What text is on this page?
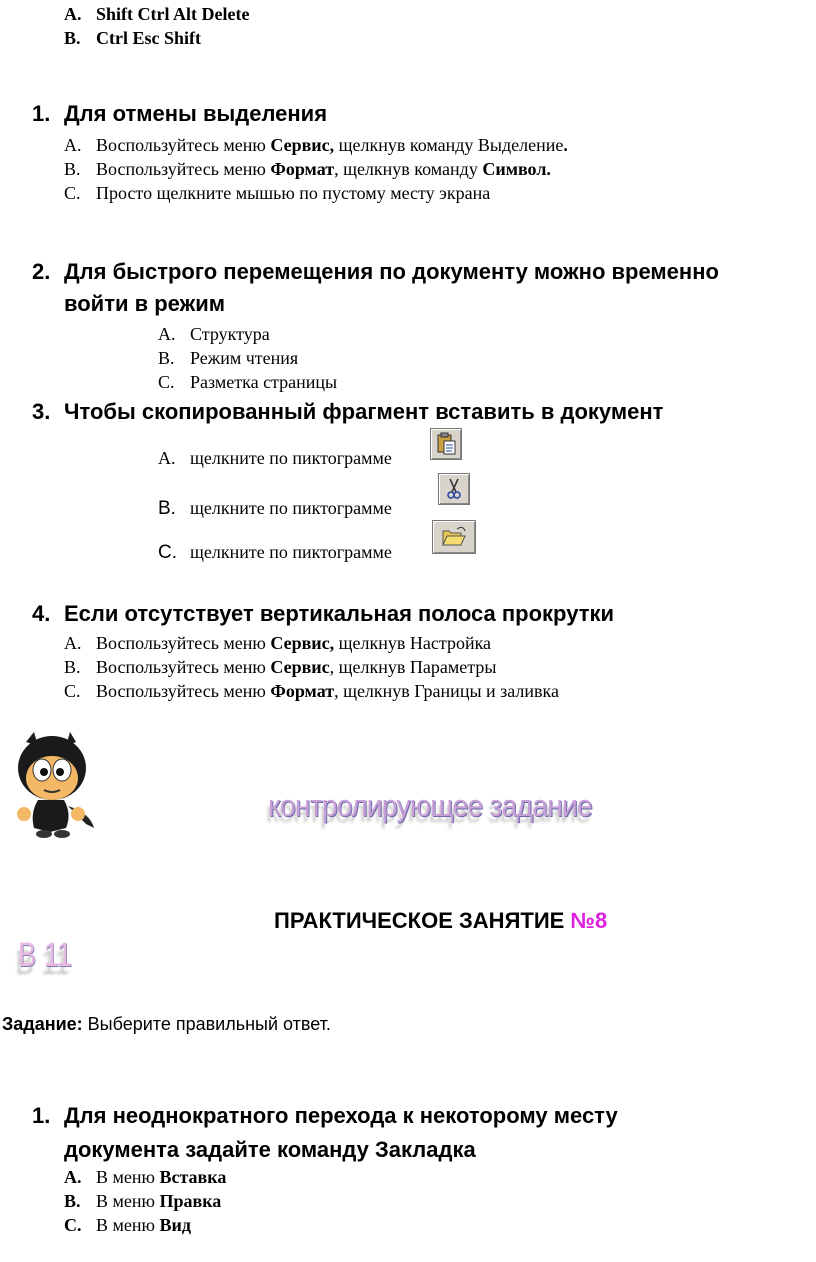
A. Shift Ctrl Alt Delete
B. Ctrl Esc Shift
1. Для отмены выделения
A. Воспользуйтесь меню Сервис, щелкнув команду Выделение.
B. Воспользуйтесь меню Формат, щелкнув команду Символ.
C. Просто щелкните мышью по пустому месту экрана
2. Для быстрого перемещения по документу можно временно
войти в режим
A. Структура
B. Режим чтения
C. Разметка страницы
3. Чтобы скопированный фрагмент вставить в документ
A. щелкните по пиктограмме
B. щелкните по пиктограмме
C. щелкните по пиктограмме
4. Если отсутствует вертикальная полоса прокрутки
A. Воспользуйтесь меню Сервис, щелкнув Настройка
B. Воспользуйтесь меню Сервис, щелкнув Параметры
C. Воспользуйтесь меню Формат, щелкнув Границы и заливка
контролирующее задание
ПРАКТИЧЕСКОЕ ЗАНЯТИЕ №8
В 11
Задание: Выберите правильный ответ.
1. Для неоднократного перехода к некоторому месту
документа задайте команду Закладка
A. В меню Вставка
B. В меню Правка
C. В меню Вид
